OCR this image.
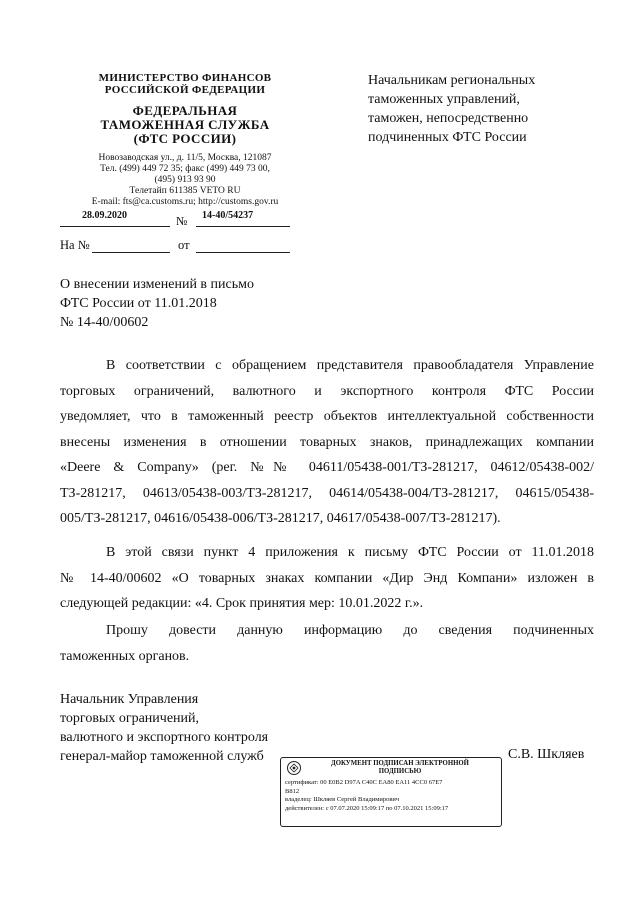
МИНИСТЕРСТВО ФИНАНСОВ
РОССИЙСКОЙ ФЕДЕРАЦИИ
ФЕДЕРАЛЬНАЯ
ТАМОЖЕННАЯ СЛУЖБА
(ФТС РОССИИ)
Новозаводская ул., д. 11/5, Москва, 121087
Тел. (499) 449 72 35; факс (499) 449 73 00,
(495) 913 93 90
Телетайп 611385 VETO RU
E-mail: fts@ca.customs.ru; http://customs.gov.ru
28.09.2020	№ 14-40/54237
На №	от
Начальникам региональных
таможенных управлений,
таможен, непосредственно
подчиненных ФТС России
О внесении изменений в письмо
ФТС России от 11.01.2018
№ 14-40/00602
В соответствии с обращением представителя правообладателя Управление
торговых ограничений, валютного и экспортного контроля ФТС России
уведомляет, что в таможенный реестр объектов интеллектуальной собственности
внесены изменения в отношении товарных знаков, принадлежащих компании
«Deere & Company» (рег. №№ 04611/05438-001/ТЗ-281217, 04612/05438-002/
ТЗ-281217, 04613/05438-003/ТЗ-281217, 04614/05438-004/ТЗ-281217, 04615/05438-
005/ТЗ-281217, 04616/05438-006/ТЗ-281217, 04617/05438-007/ТЗ-281217).
В этой связи пункт 4 приложения к письму ФТС России от 11.01.2018
№ 14-40/00602 «О товарных знаках компании «Дир Энд Компани» изложен в
следующей редакции: «4. Срок принятия мер: 10.01.2022 г.».
Прошу довести данную информацию до сведения подчиненных
таможенных органов.
Начальник Управления
торговых ограничений,
валютного и экспортного контроля
генерал-майор таможенной служб	С.В. Шкляев
ДОКУМЕНТ ПОДПИСАН ЭЛЕКТРОННОЙ
ПОДПИСЬЮ
сертификат: 00 E0B2 D97A C40C EA80 EA11 4CC0 67E7
B812
владелец: Шкляев Сергей Владимирович
действителен: с 07.07.2020 15:09:17 по 07.10.2021 15:09:17
